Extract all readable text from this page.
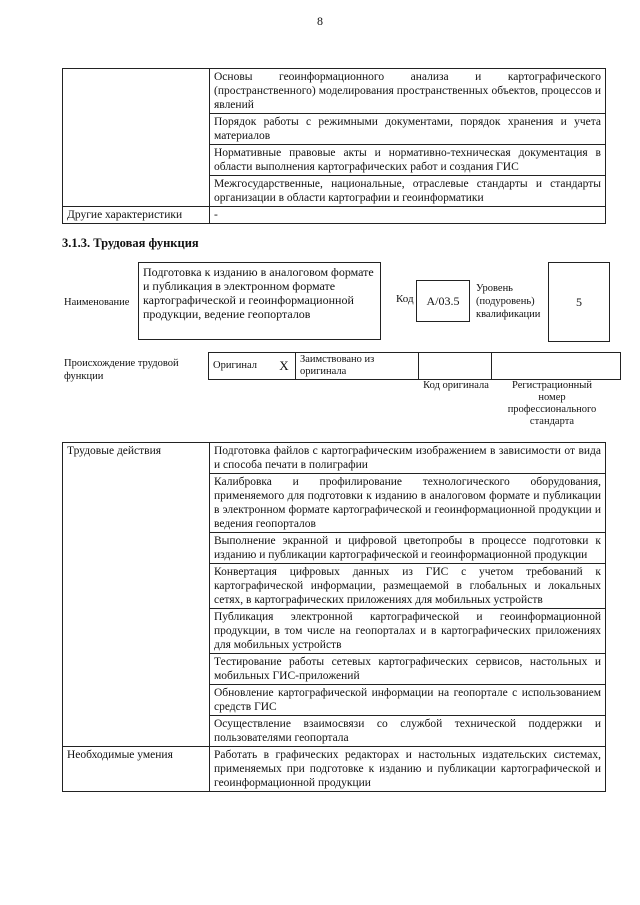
8
	Основы геоинформационного анализа и картографического (пространственного) моделирования пространственных объектов, процессов и явлений
	Порядок работы с режимными документами, порядок хранения и учета материалов
	Нормативные правовые акты и нормативно-техническая документация в области выполнения картографических работ и создания ГИС
	Межгосударственные, национальные, отраслевые стандарты и стандарты организации в области картографии и геоинформатики
Другие характеристики	-
3.1.3. Трудовая функция
Наименование
Подготовка к изданию в аналоговом формате и публикация в электронном формате картографической и геоинформационной продукции, ведение геопорталов
Код	А/03.5
Уровень (подуровень) квалификации
5
Происхождение трудовой функции
Оригинал	X	Заимствовано из оригинала		
Код оригинала	Регистрационный номер профессионального стандарта
Трудовые действия	Подготовка файлов с картографическим изображением в зависимости от вида и способа печати в полиграфии
	Калибровка и профилирование технологического оборудования, применяемого для подготовки к изданию в аналоговом формате и публикации в электронном формате картографической и геоинформационной продукции и ведения геопорталов
	Выполнение экранной и цифровой цветопробы в процессе подготовки к изданию и публикации картографической и геоинформационной продукции
	Конвертация цифровых данных из ГИС с учетом требований к картографической информации, размещаемой в глобальных и локальных сетях, в картографических приложениях для мобильных устройств
	Публикация электронной картографической и геоинформационной продукции, в том числе на геопорталах и в картографических приложениях для мобильных устройств
	Тестирование работы сетевых картографических сервисов, настольных и мобильных ГИС-приложений
	Обновление картографической информации на геопортале с использованием средств ГИС
	Осуществление взаимосвязи со службой технической поддержки и пользователями геопортала
Необходимые умения	Работать в графических редакторах и настольных издательских системах, применяемых при подготовке к изданию и публикации картографической и геоинформационной продукции
